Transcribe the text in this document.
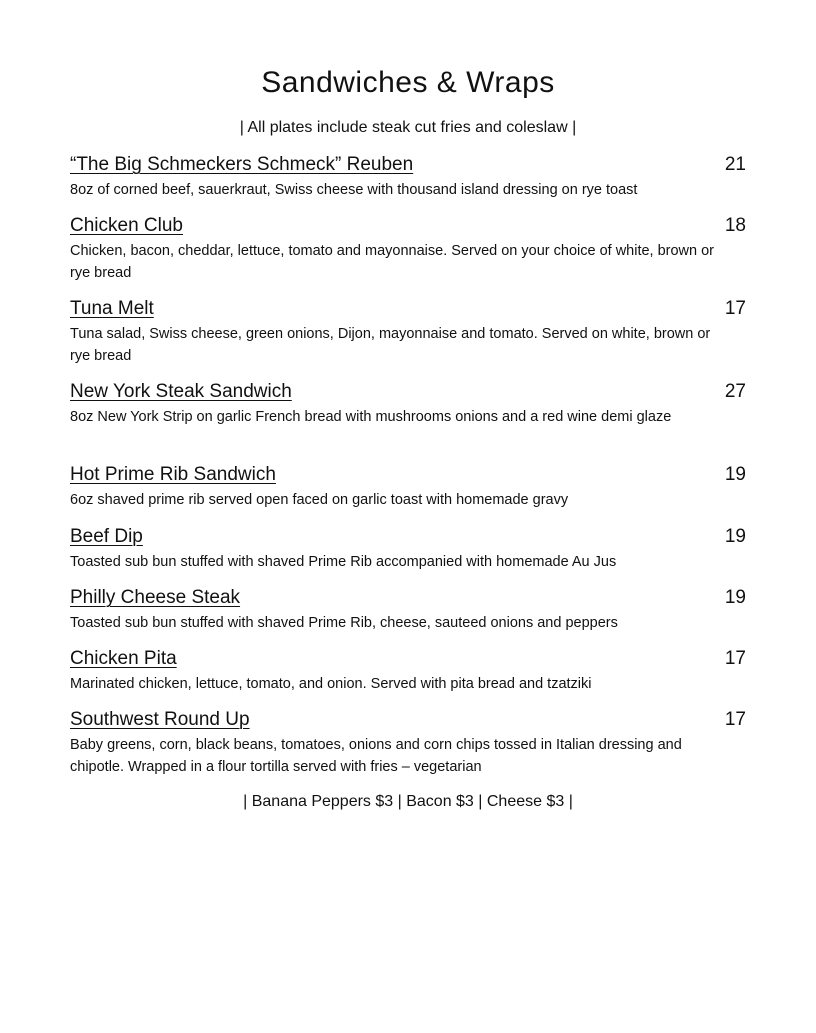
Sandwiches & Wraps
| All plates include steak cut fries and coleslaw |
“The Big Schmeckers Schmeck” Reuben	21
8oz of corned beef, sauerkraut, Swiss cheese with thousand island dressing on rye toast
Chicken Club	18
Chicken, bacon, cheddar, lettuce, tomato and mayonnaise. Served on your choice of white, brown or rye bread
Tuna Melt	17
Tuna salad, Swiss cheese, green onions, Dijon, mayonnaise and tomato. Served on white, brown or rye bread
New York Steak Sandwich	27
8oz New York Strip on garlic French bread with mushrooms onions and a red wine demi glaze
Hot Prime Rib Sandwich	19
6oz shaved prime rib served open faced on garlic toast with homemade gravy
Beef Dip	19
Toasted sub bun stuffed with shaved Prime Rib accompanied with homemade Au Jus
Philly Cheese Steak	19
Toasted sub bun stuffed with shaved Prime Rib, cheese, sauteed onions and peppers
Chicken Pita	17
Marinated chicken, lettuce, tomato, and onion. Served with pita bread and tzatziki
Southwest Round Up	17
Baby greens, corn, black beans, tomatoes, onions and corn chips tossed in Italian dressing and chipotle. Wrapped in a flour tortilla served with fries – vegetarian
| Banana Peppers $3 | Bacon $3 | Cheese $3 |
